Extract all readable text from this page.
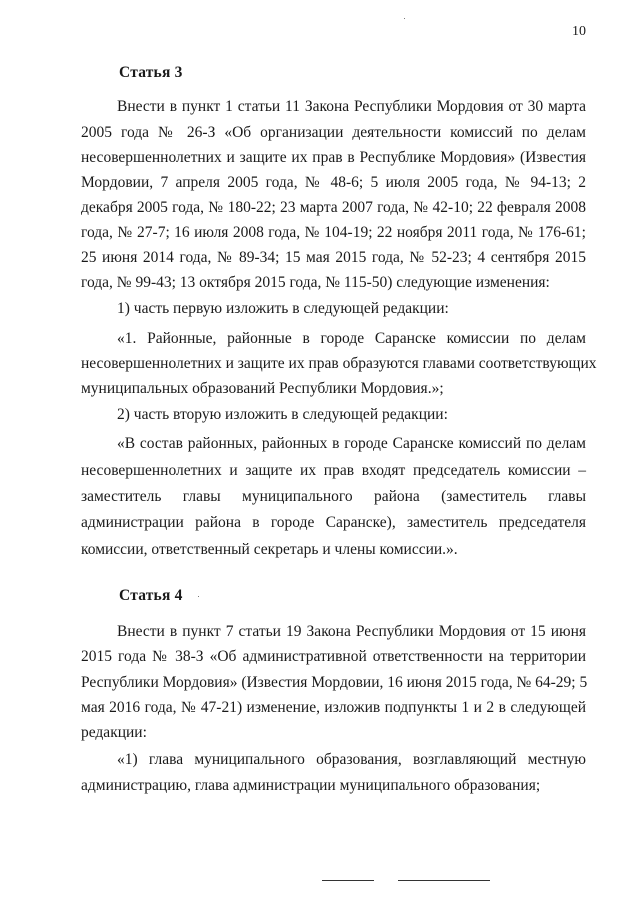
10
Статья 3
Внести в пункт 1 статьи 11 Закона Республики Мордовия от 30 марта
2005 года № 26-З «Об организации деятельности комиссий по делам
несовершеннолетних и защите их прав в Республике Мордовия» (Известия
Мордовии, 7 апреля 2005 года, № 48-6; 5 июля 2005 года, № 94-13; 2
декабря 2005 года, № 180-22; 23 марта 2007 года, № 42-10; 22 февраля 2008
года, № 27-7; 16 июля 2008 года, № 104-19; 22 ноября 2011 года, № 176-61;
25 июня 2014 года, № 89-34; 15 мая 2015 года, № 52-23; 4 сентября 2015
года, № 99-43; 13 октября 2015 года, № 115-50) следующие изменения:
1) часть первую изложить в следующей редакции:
«1. Районные, районные в городе Саранске комиссии по делам
несовершеннолетних и защите их прав образуются главами соответствующих
муниципальных образований Республики Мордовия.»;
2) часть вторую изложить в следующей редакции:
«В состав районных, районных в городе Саранске комиссий по делам
несовершеннолетних и защите их прав входят председатель комиссии –
заместитель главы муниципального района (заместитель главы
администрации района в городе Саранске), заместитель председателя
комиссии, ответственный секретарь и члены комиссии.».
Статья 4
Внести в пункт 7 статьи 19 Закона Республики Мордовия от 15 июня
2015 года № 38-З «Об административной ответственности на территории
Республики Мордовия» (Известия Мордовии, 16 июня 2015 года, № 64-29; 5
мая 2016 года, № 47-21) изменение, изложив подпункты 1 и 2 в следующей
редакции:
«1) глава муниципального образования, возглавляющий местную
администрацию, глава администрации муниципального образования;
